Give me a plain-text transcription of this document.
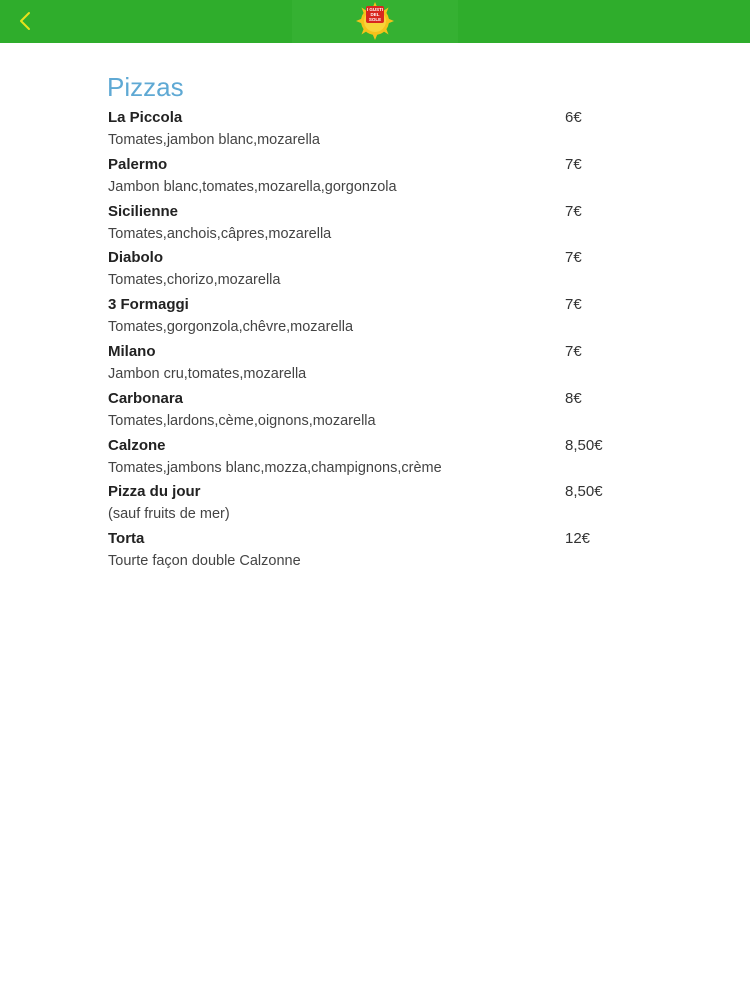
I GUSTI DEL SOLE
Pizzas
La Piccola	6€
Tomates,jambon blanc,mozarella
Palermo	7€
Jambon blanc,tomates,mozarella,gorgonzola
Sicilienne	7€
Tomates,anchois,câpres,mozarella
Diabolo	7€
Tomates,chorizo,mozarella
3 Formaggi	7€
Tomates,gorgonzola,chêvre,mozarella
Milano	7€
Jambon cru,tomates,mozarella
Carbonara	8€
Tomates,lardons,cème,oignons,mozarella
Calzone	8,50€
Tomates,jambons blanc,mozza,champignons,crème
Pizza du jour	8,50€
(sauf fruits de mer)
Torta	12€
Tourte façon double Calzonne
